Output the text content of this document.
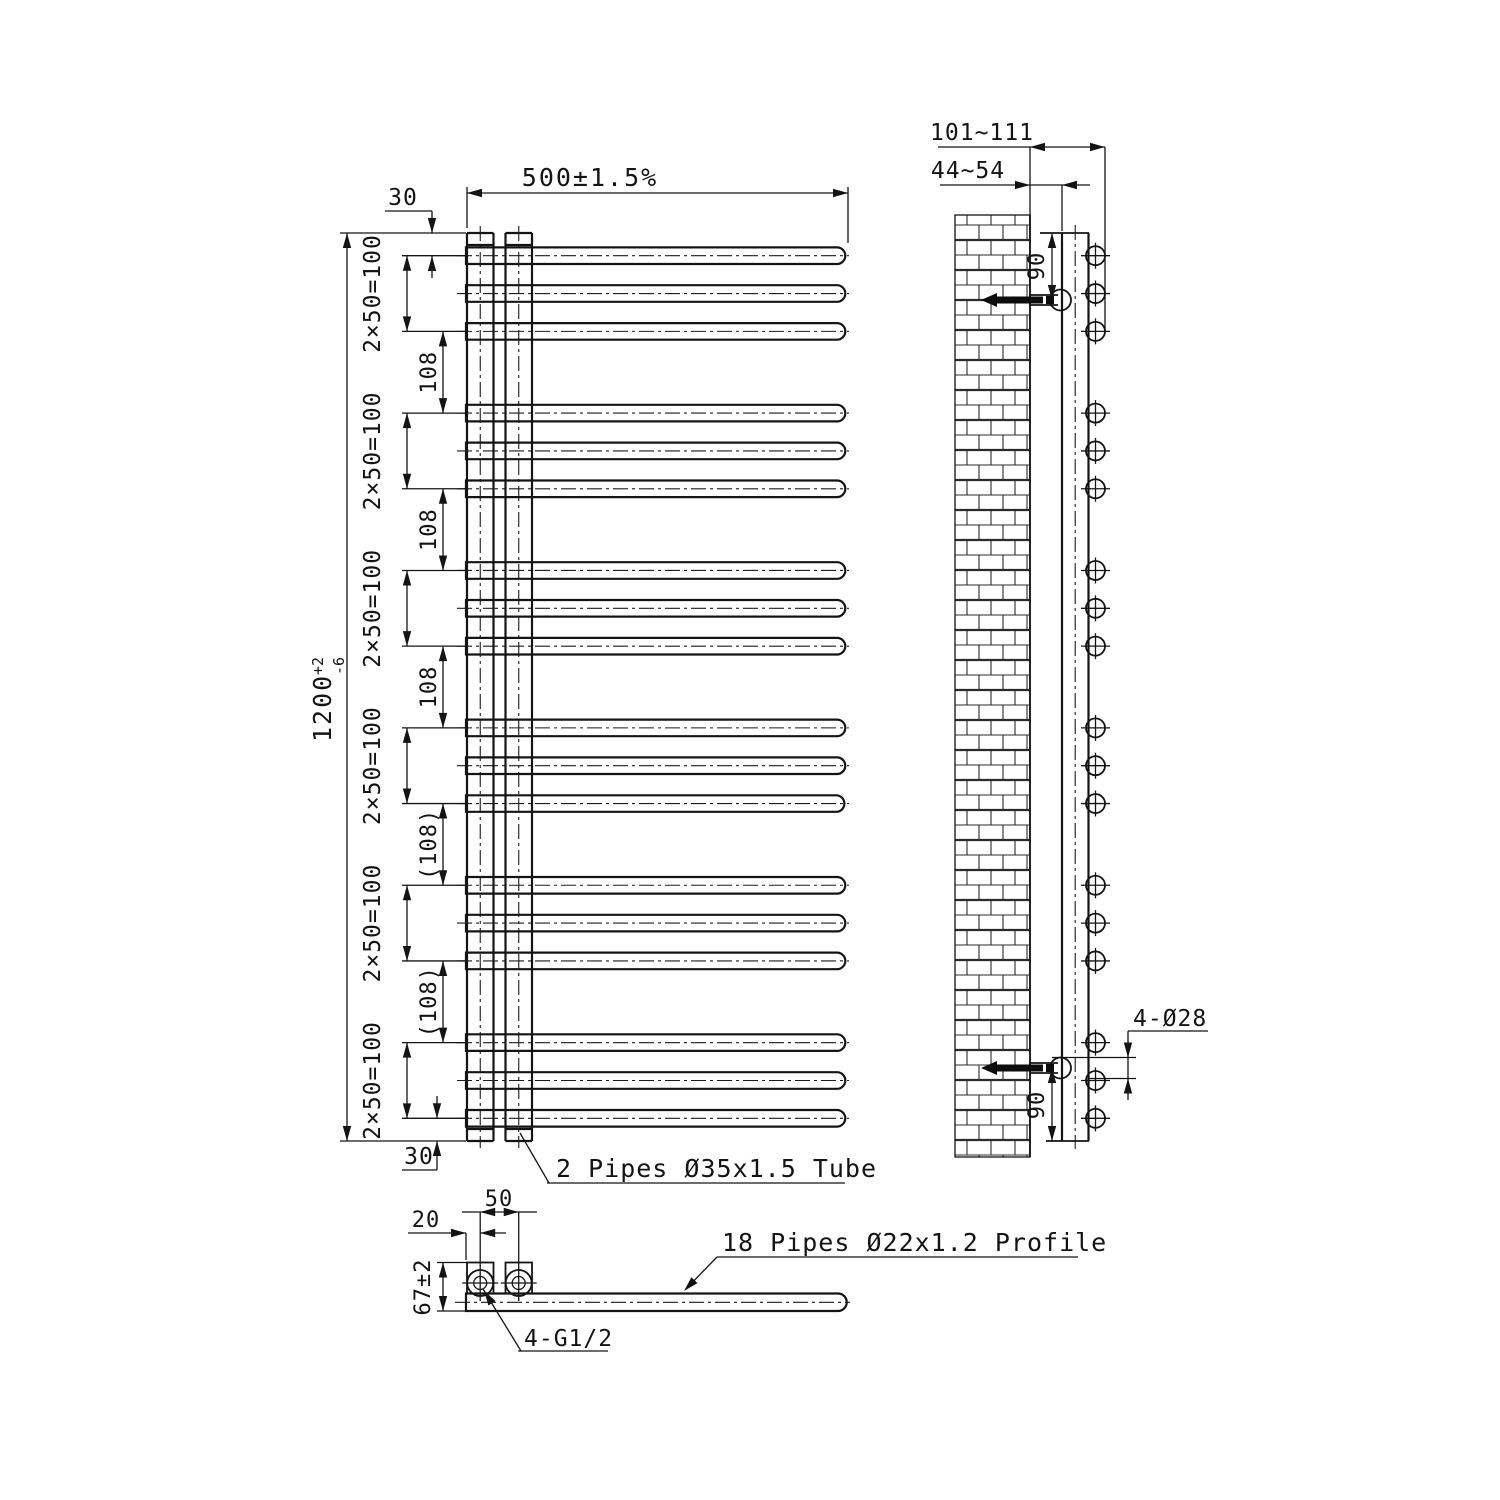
500±1.5%
1200
+2 -6
30
30
2×50=100
108
2×50=100
108
2×50=100
108
2×50=100
(108)
2×50=100
(108)
2×50=100
101~111
44~54
90
90
4-Ø28
50
20
67±2
4-G1/2
2 Pipes Ø35x1.5 Tube
18 Pipes Ø22x1.2 Profile
